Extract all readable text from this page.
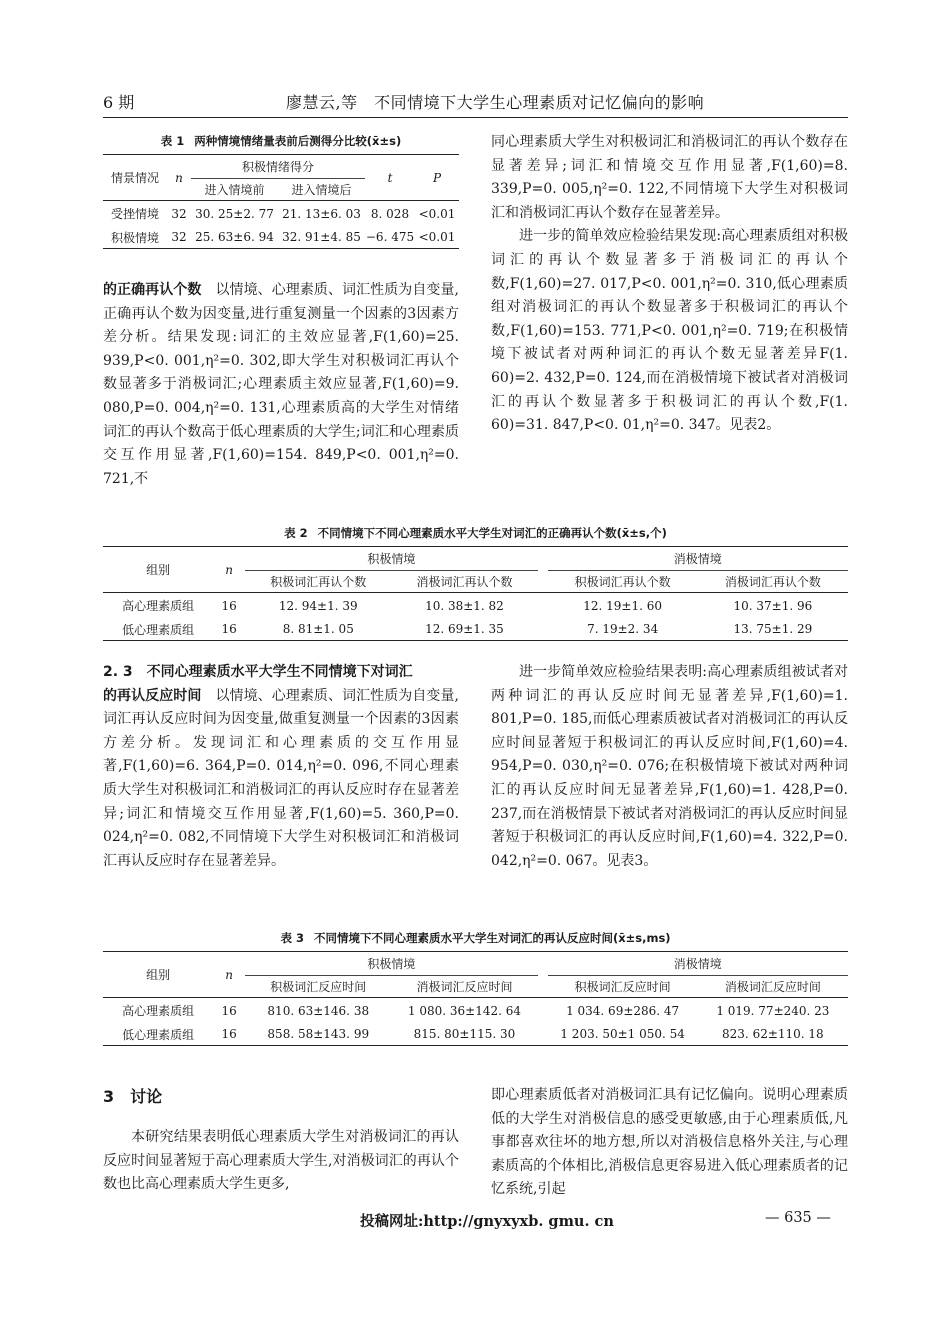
6 期	廖慧云,等　不同情境下大学生心理素质对记忆偏向的影响
表 1 两种情境情绪量表前后测得分比较(x̄±s)
情景情况	n	积极情绪得分		t	P
		进入情境前	进入情境后		
受挫情境	32	30. 25±2. 77	21. 13±6. 03	8. 028	<0.01
积极情境	32	25. 63±6. 94	32. 91±4. 85	−6. 475	<0.01

的正确再认个数　 以情境、心理素质、词汇性质为自变量,正确再认个数为因变量,进行重复测量一个因素的3因素方差分析。结果发现:词汇的主效应显著,F(1,60)=25. 939,P<0. 001,η²=0. 302,即大学生对积极词汇再认个数显著多于消极词汇;心理素质主效应显著,F(1,60)=9. 080,P=0. 004,η²=0. 131,心理素质高的大学生对情绪词汇的再认个数高于低心理素质的大学生;词汇和心理素质交互作用显著,F(1,60)=154. 849,P<0. 001,η²=0. 721,不

同心理素质大学生对积极词汇和消极词汇的再认个数存在显著差异;词汇和情境交互作用显著,F(1,60)=8. 339,P=0. 005,η²=0. 122,不同情境下大学生对积极词汇和消极词汇再认个数存在显著差异。

进一步的简单效应检验结果发现:高心理素质组对积极词汇的再认个数显著多于消极词汇的再认个数,F(1,60)=27. 017,P<0. 001,η²=0. 310,低心理素质组对消极词汇的再认个数显著多于积极词汇的再认个数,F(1,60)=153. 771,P<0. 001,η²=0. 719;在积极情境下被试者对两种词汇的再认个数无显著差异F(1. 60)=2. 432,P=0. 124,而在消极情境下被试者对消极词汇的再认个数显著多于积极词汇的再认个数,F(1. 60)=31. 847,P<0. 01,η²=0. 347。见表2。

表 2 不同情境下不同心理素质水平大学生对词汇的正确再认个数(x̄±s,个)
组别	n	积极情境			消极情境	
		积极词汇再认个数	消极词汇再认个数		积极词汇再认个数	消极词汇再认个数
高心理素质组	16	12. 94±1. 39	10. 38±1. 82		12. 19±1. 60	10. 37±1. 96
低心理素质组	16	8. 81±1. 05	12. 69±1. 35		7. 19±2. 34	13. 75±1. 29

2. 3　不同心理素质水平大学生不同情境下对词汇

的再认反应时间　 以情境、心理素质、词汇性质为自变量,词汇再认反应时间为因变量,做重复测量一个因素的3因素方差分析。发现词汇和心理素质的交互作用显著,F(1,60)=6. 364,P=0. 014,η²=0. 096,不同心理素质大学生对积极词汇和消极词汇的再认反应时存在显著差异;词汇和情境交互作用显著,F(1,60)=5. 360,P=0. 024,η²=0. 082,不同情境下大学生对积极词汇和消极词汇再认反应时存在显著差异。

进一步简单效应检验结果表明:高心理素质组被试者对两种词汇的再认反应时间无显著差异,F(1,60)=1. 801,P=0. 185,而低心理素质被试者对消极词汇的再认反应时间显著短于积极词汇的再认反应时间,F(1,60)=4. 954,P=0. 030,η²=0. 076;在积极情境下被试对两种词汇的再认反应时间无显著差异,F(1,60)=1. 428,P=0. 237,而在消极情景下被试者对消极词汇的再认反应时间显著短于积极词汇的再认反应时间,F(1,60)=4. 322,P=0. 042,η²=0. 067。见表3。

表 3 不同情境下不同心理素质水平大学生对词汇的再认反应时间(x̄±s,ms)
组别	n	积极情境			消极情境	
		积极词汇反应时间	消极词汇反应时间		积极词汇反应时间	消极词汇反应时间
高心理素质组	16	810. 63±146. 38	1 080. 36±142. 64		1 034. 69±286. 47	1 019. 77±240. 23
低心理素质组	16	858. 58±143. 99	815. 80±115. 30		1 203. 50±1 050. 54	823. 62±110. 18
3　讨论

本研究结果表明低心理素质大学生对消极词汇的再认反应时间显著短于高心理素质大学生,对消极词汇的再认个数也比高心理素质大学生更多,

即心理素质低者对消极词汇具有记忆偏向。说明心理素质低的大学生对消极信息的感受更敏感,由于心理素质低,凡事都喜欢往坏的地方想,所以对消极信息格外关注,与心理素质高的个体相比,消极信息更容易进入低心理素质者的记忆系统,引起

投稿网址:http://gnyxyxb. gmu. cn	— 635 —
